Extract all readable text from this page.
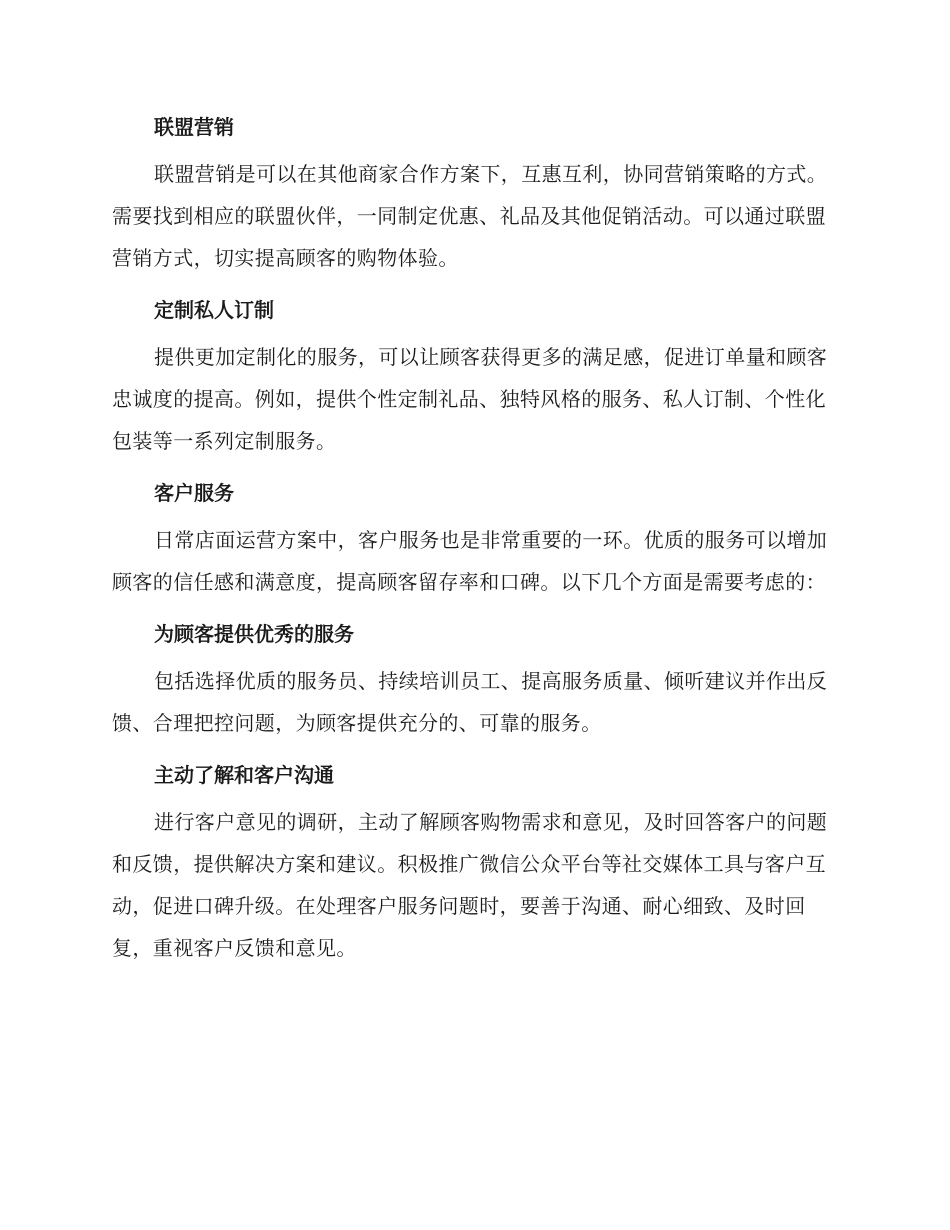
联盟营销

联盟营销是可以在其他商家合作方案下，互惠互利，协同营销策略的方式。需要找到相应的联盟伙伴，一同制定优惠、礼品及其他促销活动。可以通过联盟营销方式，切实提高顾客的购物体验。

定制私人订制

提供更加定制化的服务，可以让顾客获得更多的满足感，促进订单量和顾客忠诚度的提高。例如，提供个性定制礼品、独特风格的服务、私人订制、个性化包装等一系列定制服务。

客户服务

日常店面运营方案中，客户服务也是非常重要的一环。优质的服务可以增加顾客的信任感和满意度，提高顾客留存率和口碑。以下几个方面是需要考虑的：

为顾客提供优秀的服务

包括选择优质的服务员、持续培训员工、提高服务质量、倾听建议并作出反馈、合理把控问题，为顾客提供充分的、可靠的服务。

主动了解和客户沟通

进行客户意见的调研，主动了解顾客购物需求和意见，及时回答客户的问题和反馈，提供解决方案和建议。积极推广微信公众平台等社交媒体工具与客户互动，促进口碑升级。在处理客户服务问题时，要善于沟通、耐心细致、及时回复，重视客户反馈和意见。
